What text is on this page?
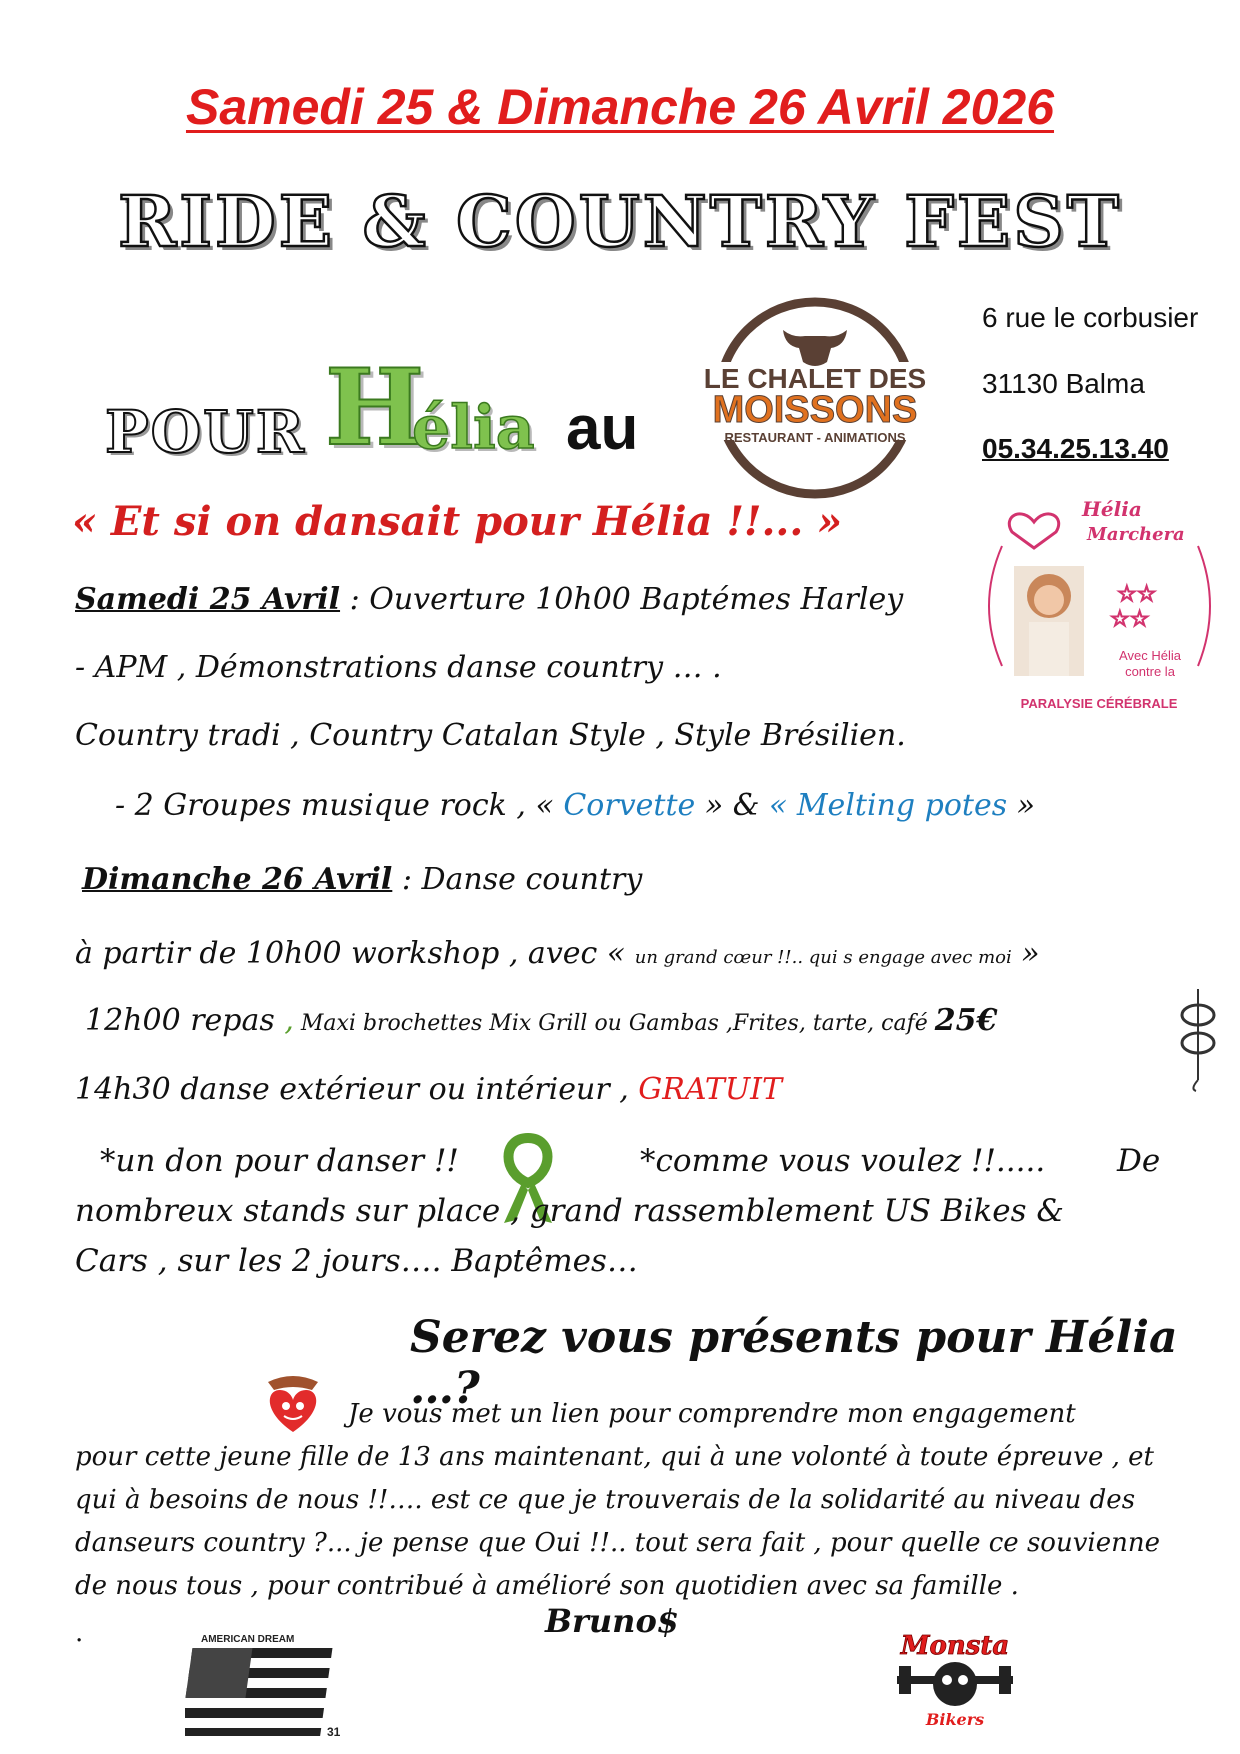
Samedi 25 & Dimanche 26 Avril 2026
RIDE & COUNTRY FEST
POUR H
élia au
LE CHALET DES
MOISSONS
RESTAURANT - ANIMATIONS
6 rue le corbusier
31130 Balma
05.34.25.13.40
Hélia
Marchera
☆☆
☆☆
Avec Hélia
contre la
PARALYSIE CÉRÉBRALE
« Et si on dansait pour Hélia !!... »
Samedi 25 Avril : Ouverture 10h00 Baptémes Harley
- APM , Démonstrations danse country … .
Country tradi , Country Catalan Style , Style Brésilien.
- 2 Groupes musique rock , « Corvette » & « Melting potes »
Dimanche 26 Avril : Danse country
à partir de 10h00 workshop , avec « un grand cœur !!.. qui s engage avec moi »
12h00 repas , Maxi brochettes Mix Grill ou Gambas ,Frites, tarte, café 25€
14h30 danse extérieur ou intérieur , GRATUIT
*un don pour danser !!	*comme vous voulez !!..... De
nombreux stands sur place , grand rassemblement US Bikes &
Cars , sur les 2 jours…. Baptêmes…
Serez vous présents pour Hélia …?
Je vous met un lien pour comprendre mon engagement
pour cette jeune fille de 13 ans maintenant, qui à une volonté à toute épreuve , et
qui à besoins de nous !!…. est ce que je trouverais de la solidarité au niveau des
danseurs country ?... je pense que Oui !!.. tout sera fait , pour quelle ce souvienne
de nous tous , pour contribué à amélioré son quotidien avec sa famille .
.	Bruno$
AMERICAN DREAM
31
Monsta
Bikers
